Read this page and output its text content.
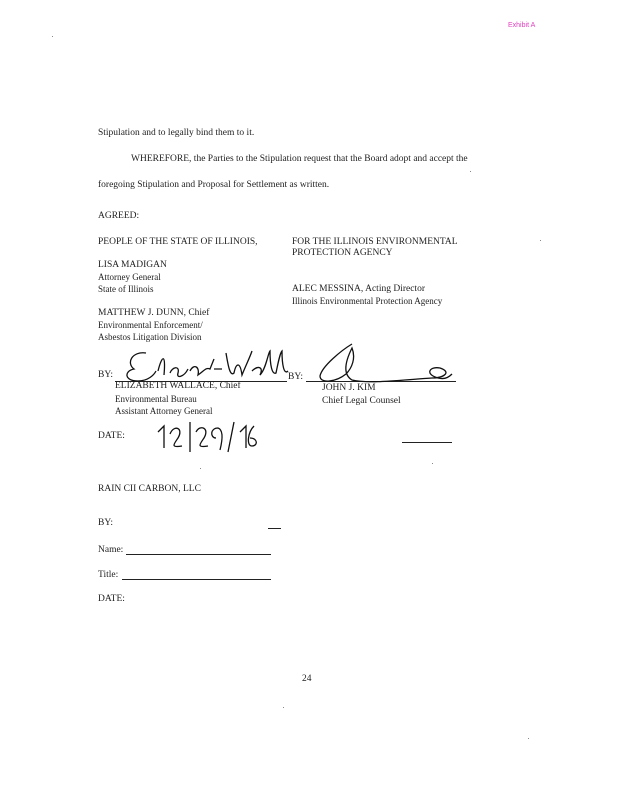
Exhibit A
Stipulation and to legally bind them to it.
WHEREFORE, the Parties to the Stipulation request that the Board adopt and accept the
foregoing Stipulation and Proposal for Settlement as written.
AGREED:
PEOPLE OF THE STATE OF ILLINOIS,
LISA MADIGAN
Attorney General
State of Illinois
MATTHEW J. DUNN, Chief
Environmental Enforcement/
Asbestos Litigation Division
FOR THE ILLINOIS ENVIRONMENTAL
PROTECTION AGENCY
ALEC MESSINA, Acting Director
Illinois Environmental Protection Agency
BY:
ELIZABETH WALLACE, Chief
Environmental Bureau
Assistant Attorney General
BY:
JOHN J. KIM
Chief Legal Counsel
DATE:
RAIN CII CARBON, LLC
BY:
Name:
Title:
DATE:
24
